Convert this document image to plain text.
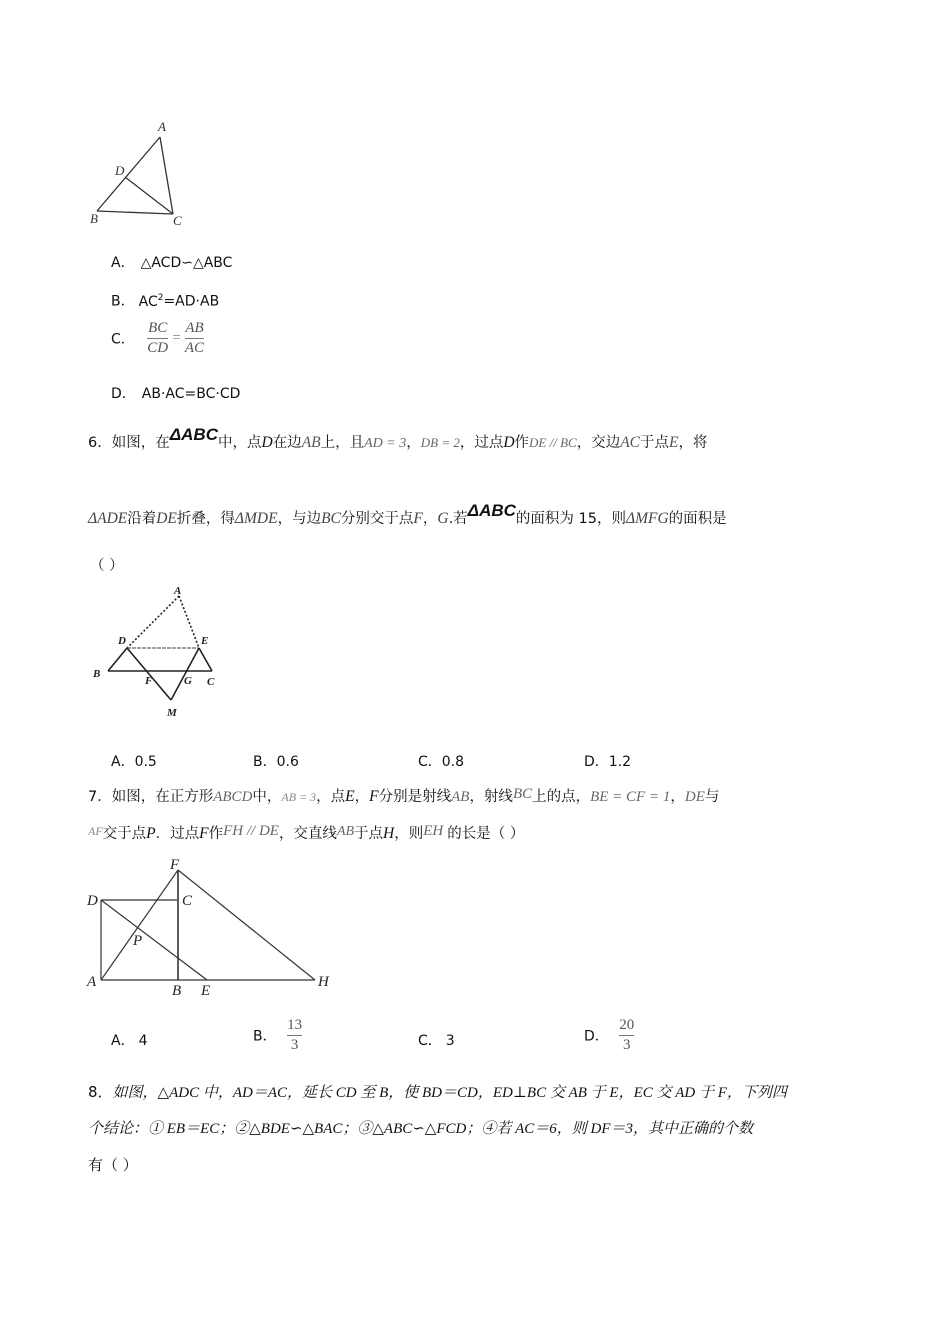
A
D
B	C
A． △ACD∽△ABC
B． $AC^2=AD\cdot AB$
C． $\frac{BC}{CD} = \frac{AB}{AC}$
D． AB·AC=BC·CD
6．如图，在ΔABC中，点D在边AB上，且AD = 3，DB = 2，过点D作DE // BC，交边AC于点E，将
ΔADE沿着DE折叠，得ΔMDE，与边BC分别交于点F，G.若ΔABC的面积为 15，则ΔMFG的面积是
（ ）
A
D	E
B
F	G C
M
A．0.5	B．0.6	C．0.8	D．1.2
7．如图，在正方形ABCD中，AB = 3，点E，F分别是射线AB，射线BC上的点，BE = CF = 1，DE与
$^{AF}$交于点P．过点F作FH // DE，交直线AB于点H，则EH 的长是（ ）
F
D	C
P
A
B E
H
A． 4	B． $\frac{13}{3}$	C． 3	D． $\frac{20}{3}$
8．如图，△ADC 中，AD＝AC，延长 CD 至 B，使 BD＝CD，ED⊥BC 交 AB 于 E，EC 交 AD 于 F，下列四
个结论：① EB＝EC；②△BDE∽△BAC；③△ABC∽△FCD；④若 AC＝6，则 DF＝3，其中正确的个数
有（ ）
